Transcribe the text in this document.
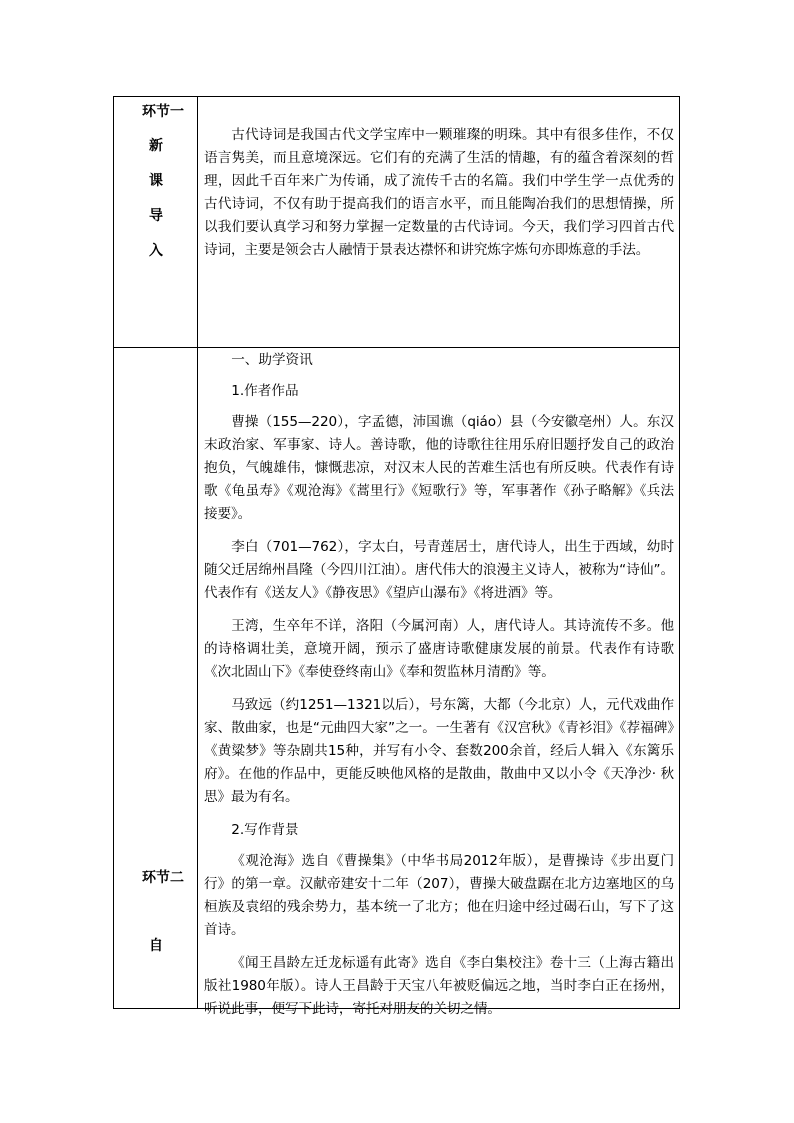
环节一
新
课
导
入

古代诗词是我国古代文学宝库中一颗璀璨的明珠。其中有很多佳作，不仅语言隽美，而且意境深远。它们有的充满了生活的情趣，有的蕴含着深刻的哲理，因此千百年来广为传诵，成了流传千古的名篇。我们中学生学一点优秀的古代诗词，不仅有助于提高我们的语言水平，而且能陶冶我们的思想情操，所以我们要认真学习和努力掌握一定数量的古代诗词。今天，我们学习四首古代诗词，主要是领会古人融情于景表达襟怀和讲究炼字炼句亦即炼意的手法。

环节二
自

一、助学资讯

1.作者作品

曹操（155—220），字孟德，沛国谯（qiáo）县（今安徽亳州）人。东汉末政治家、军事家、诗人。善诗歌，他的诗歌往往用乐府旧题抒发自己的政治抱负，气魄雄伟，慷慨悲凉，对汉末人民的苦难生活也有所反映。代表作有诗歌《龟虽寿》《观沧海》《蒿里行》《短歌行》等，军事著作《孙子略解》《兵法接要》。

李白（701—762），字太白，号青莲居士，唐代诗人，出生于西域，幼时随父迁居绵州昌隆（今四川江油）。唐代伟大的浪漫主义诗人，被称为“诗仙”。代表作有《送友人》《静夜思》《望庐山瀑布》《将进酒》等。

王湾，生卒年不详，洛阳（今属河南）人，唐代诗人。其诗流传不多。他的诗格调壮美，意境开阔，预示了盛唐诗歌健康发展的前景。代表作有诗歌《次北固山下》《奉使登终南山》《奉和贺监林月清酌》等。

马致远（约1251—1321以后），号东篱，大都（今北京）人，元代戏曲作家、散曲家，也是“元曲四大家”之一。一生著有《汉宫秋》《青衫泪》《荐福碑》《黄粱梦》等杂剧共15种，并写有小令、套数200余首，经后人辑入《东篱乐府》。在他的作品中，更能反映他风格的是散曲，散曲中又以小令《天净沙· 秋思》最为有名。

2.写作背景

《观沧海》选自《曹操集》（中华书局2012年版），是曹操诗《步出夏门行》的第一章。汉献帝建安十二年（207），曹操大破盘踞在北方边塞地区的乌桓族及袁绍的残余势力，基本统一了北方；他在归途中经过碣石山，写下了这首诗。

《闻王昌龄左迁龙标遥有此寄》选自《李白集校注》卷十三（上海古籍出版社1980年版）。诗人王昌龄于天宝八年被贬偏远之地，当时李白正在扬州，听说此事，便写下此诗，寄托对朋友的关切之情。
